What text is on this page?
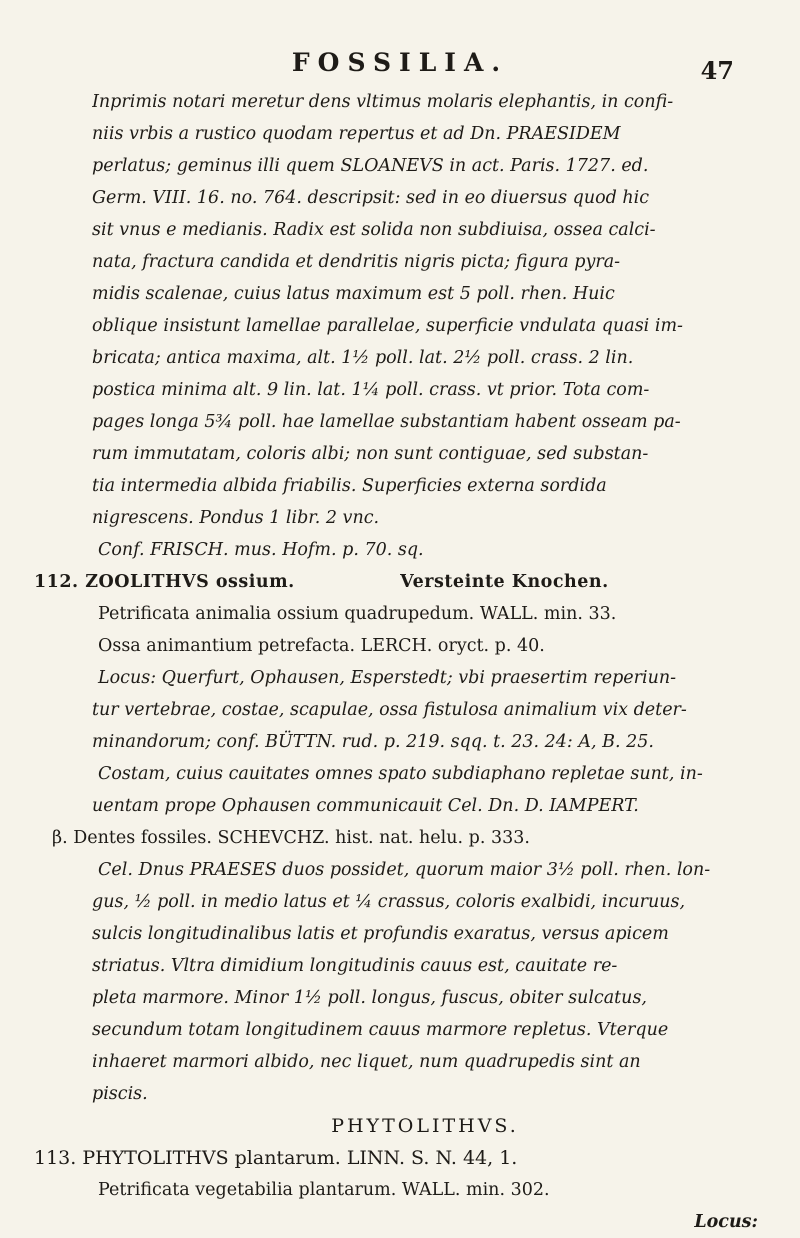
FOSSILIA.	47
Inprimis notari meretur dens vltimus molaris elephantis, in confi-
niis vrbis a rustico quodam repertus et ad Dn. PRAESIDEM
perlatus; geminus illi quem SLOANEVS in act. Paris. 1727. ed.
Germ. VIII. 16. no. 764. descripsit: sed in eo diuersus quod hic
sit vnus e medianis. Radix est solida non subdiuisa, ossea calci-
nata, fractura candida et dendritis nigris picta; figura pyra-
midis scalenae, cuius latus maximum est 5 poll. rhen. Huic
oblique insistunt lamellae parallelae, superficie vndulata quasi im-
bricata; antica maxima, alt. 1½ poll. lat. 2½ poll. crass. 2 lin.
postica minima alt. 9 lin. lat. 1¼ poll. crass. vt prior. Tota com-
pages longa 5¾ poll. hae lamellae substantiam habent osseam pa-
rum immutatam, coloris albi; non sunt contiguae, sed substan-
tia intermedia albida friabilis. Superficies externa sordida
nigrescens. Pondus 1 libr. 2 vnc.
Conf. FRISCH. mus. Hofm. p. 70. sq.
112. ZOOLITHVS ossium.                Versteinte Knochen.
Petrificata animalia ossium quadrupedum. WALL. min. 33.
Ossa animantium petrefacta. LERCH. oryct. p. 40.
Locus: Querfurt, Ophausen, Esperstedt; vbi praesertim reperiun-
tur vertebrae, costae, scapulae, ossa fistulosa animalium vix deter-
minandorum; conf. BÜTTN. rud. p. 219. sqq. t. 23. 24: A, B. 25.
Costam, cuius cauitates omnes spato subdiaphano repletae sunt, in-
uentam prope Ophausen communicauit Cel. Dn. D. IAMPERT.
β. Dentes fossiles. SCHEVCHZ. hist. nat. helu. p. 333.
Cel. Dnus PRAESES duos possidet, quorum maior 3½ poll. rhen. lon-
gus, ½ poll. in medio latus et ¼ crassus, coloris exalbidi, incuruus,
sulcis longitudinalibus latis et profundis exaratus, versus apicem
striatus. Vltra dimidium longitudinis cauus est, cauitate re-
pleta marmore. Minor 1½ poll. longus, fuscus, obiter sulcatus,
secundum totam longitudinem cauus marmore repletus. Vterque
inhaeret marmori albido, nec liquet, num quadrupedis sint an
piscis.
PHYTOLITHVS.
113. PHYTOLITHVS plantarum. LINN. S. N. 44, 1.
Petrificata vegetabilia plantarum. WALL. min. 302.
Locus:
